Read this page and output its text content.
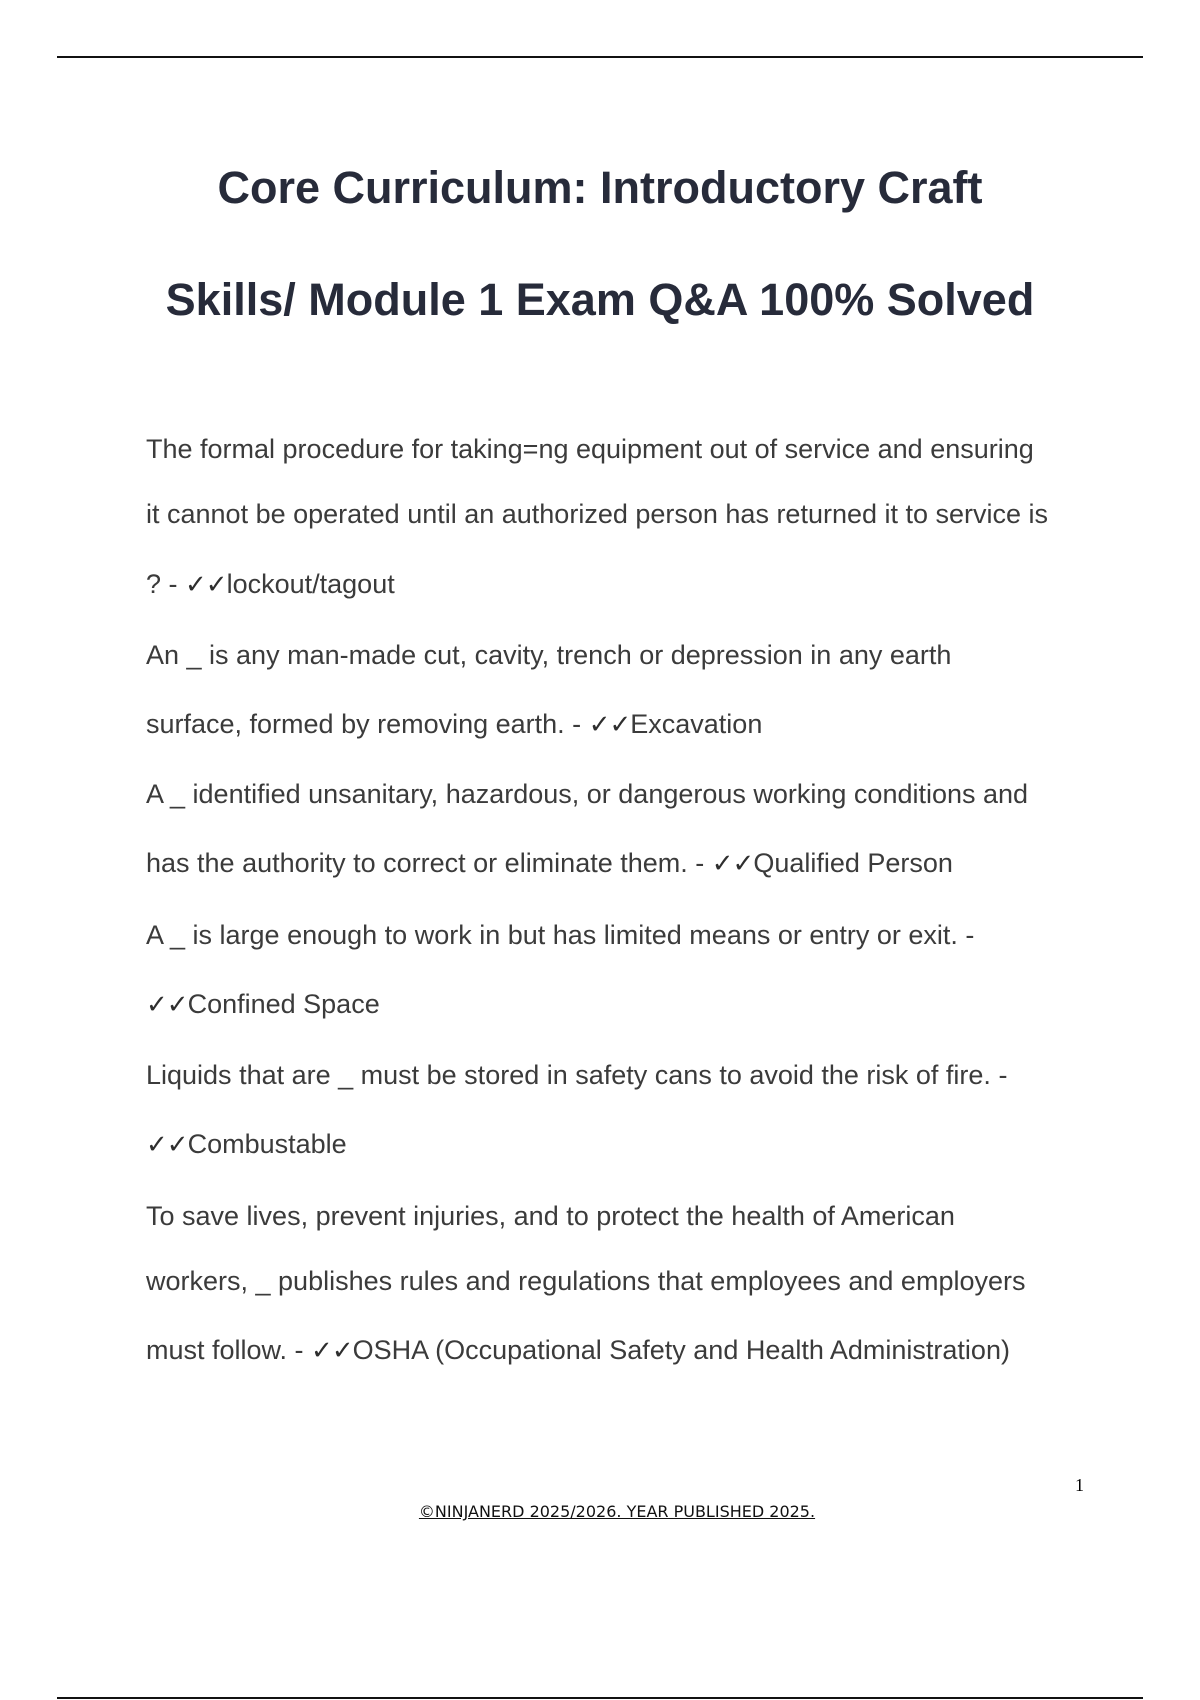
Core Curriculum: Introductory Craft
Skills/ Module 1 Exam Q&A 100% Solved
The formal procedure for taking=ng equipment out of service and ensuring
it cannot be operated until an authorized person has returned it to service is
? - ✓✓lockout/tagout
An _ is any man-made cut, cavity, trench or depression in any earth
surface, formed by removing earth. - ✓✓Excavation
A _ identified unsanitary, hazardous, or dangerous working conditions and
has the authority to correct or eliminate them. - ✓✓Qualified Person
A _ is large enough to work in but has limited means or entry or exit. -
✓✓Confined Space
Liquids that are _ must be stored in safety cans to avoid the risk of fire. -
✓✓Combustable
To save lives, prevent injuries, and to protect the health of American
workers, _ publishes rules and regulations that employees and employers
must follow. - ✓✓OSHA (Occupational Safety and Health Administration)
1
©NINJANERD 2025/2026. YEAR PUBLISHED 2025.
